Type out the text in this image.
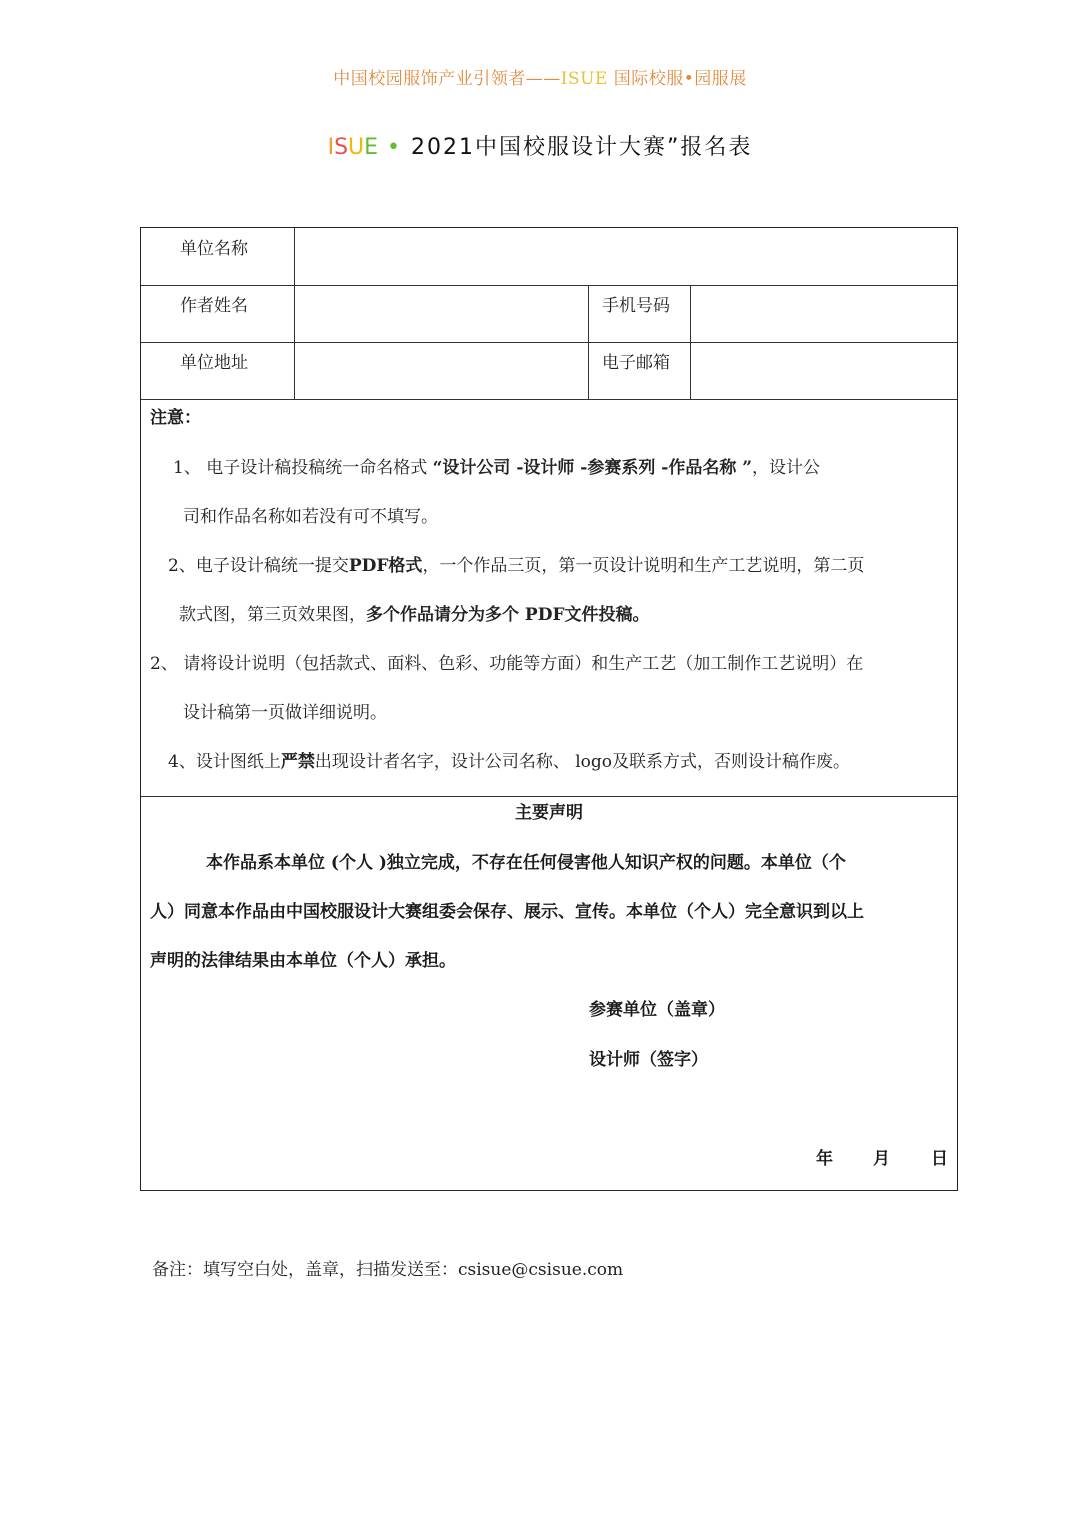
中国校园服饰产业引领者——ISUE 国际校服•园服展
ISUE • 2021中国校服设计大赛”报名表
单位名称
作者姓名	手机号码
单位地址	电子邮箱
注意：
1、 电子设计稿投稿统一命名格式 “设计公司 -设计师 -参赛系列 -作品名称 ”，设计公
司和作品名称如若没有可不填写。
2、电子设计稿统一提交PDF格式，一个作品三页，第一页设计说明和生产工艺说明，第二页
款式图，第三页效果图，多个作品请分为多个 PDF文件投稿。
2、 请将设计说明（包括款式、面料、色彩、功能等方面）和生产工艺（加工制作工艺说明）在
设计稿第一页做详细说明。
4、设计图纸上严禁出现设计者名字，设计公司名称、 logo及联系方式，否则设计稿作废。
主要声明
本作品系本单位 (个人 )独立完成，不存在任何侵害他人知识产权的问题。本单位（个
人）同意本作品由中国校服设计大赛组委会保存、展示、宣传。本单位（个人）完全意识到以上
声明的法律结果由本单位（个人）承担。
参赛单位（盖章）
设计师（签字）
年 月 日
备注：填写空白处，盖章，扫描发送至：csisue@csisue.com
